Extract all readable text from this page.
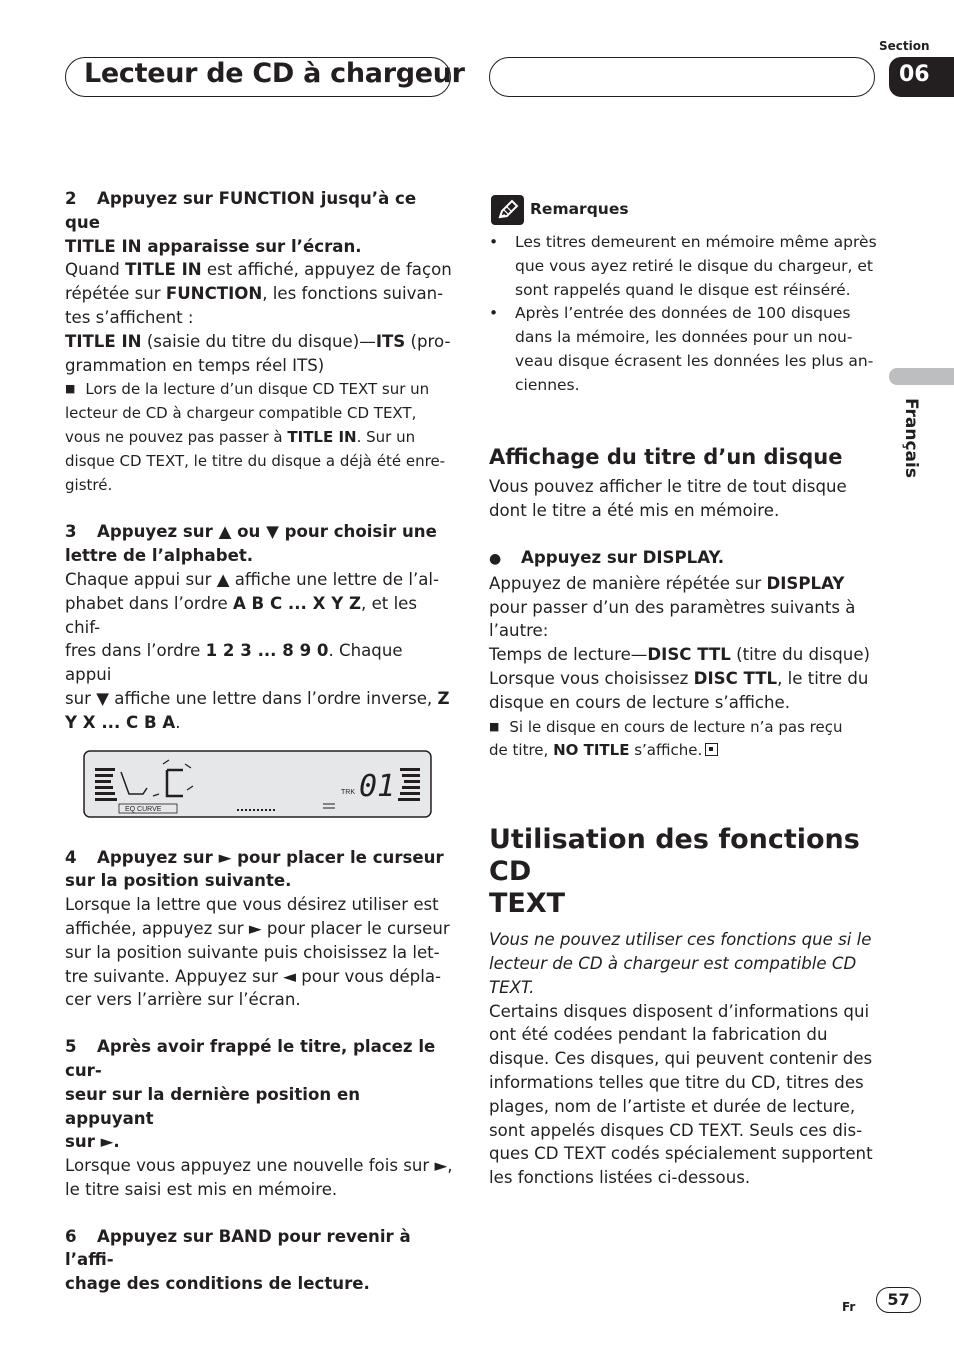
Lecteur de CD à chargeur
Section
06
Français
2 Appuyez sur FUNCTION jusqu’à ce que
TITLE IN apparaisse sur l’écran.
Quand TITLE IN est affiché, appuyez de façon
répétée sur FUNCTION, les fonctions suivan-
tes s’affichent :
TITLE IN (saisie du titre du disque)—ITS (pro-
grammation en temps réel ITS)
■ Lors de la lecture d’un disque CD TEXT sur un
lecteur de CD à chargeur compatible CD TEXT,
vous ne pouvez pas passer à TITLE IN. Sur un
disque CD TEXT, le titre du disque a déjà été enre-
gistré.
3 Appuyez sur ▲ ou ▼ pour choisir une
lettre de l’alphabet.
Chaque appui sur ▲ affiche une lettre de l’al-
phabet dans l’ordre A B C ... X Y Z, et les chif-
fres dans l’ordre 1 2 3 ... 8 9 0. Chaque appui
sur ▼ affiche une lettre dans l’ordre inverse, Z
Y X ... C B A.
TRK 01
EQ CURVE
4 Appuyez sur ► pour placer le curseur
sur la position suivante.
Lorsque la lettre que vous désirez utiliser est
affichée, appuyez sur ► pour placer le curseur
sur la position suivante puis choisissez la let-
tre suivante. Appuyez sur ◄ pour vous dépla-
cer vers l’arrière sur l’écran.
5 Après avoir frappé le titre, placez le cur-
seur sur la dernière position en appuyant
sur ►.
Lorsque vous appuyez une nouvelle fois sur ►,
le titre saisi est mis en mémoire.
6 Appuyez sur BAND pour revenir à l’affi-
chage des conditions de lecture.
Remarques
• Les titres demeurent en mémoire même après
que vous ayez retiré le disque du chargeur, et
sont rappelés quand le disque est réinséré.
• Après l’entrée des données de 100 disques
dans la mémoire, les données pour un nou-
veau disque écrasent les données les plus an-
ciennes.
Affichage du titre d’un disque
Vous pouvez afficher le titre de tout disque
dont le titre a été mis en mémoire.
● Appuyez sur DISPLAY.
Appuyez de manière répétée sur DISPLAY
pour passer d’un des paramètres suivants à
l’autre:
Temps de lecture—DISC TTL (titre du disque)
Lorsque vous choisissez DISC TTL, le titre du
disque en cours de lecture s’affiche.
■ Si le disque en cours de lecture n’a pas reçu
de titre, NO TITLE s’affiche.
Utilisation des fonctions CD
TEXT
Vous ne pouvez utiliser ces fonctions que si le
lecteur de CD à chargeur est compatible CD
TEXT.
Certains disques disposent d’informations qui
ont été codées pendant la fabrication du
disque. Ces disques, qui peuvent contenir des
informations telles que titre du CD, titres des
plages, nom de l’artiste et durée de lecture,
sont appelés disques CD TEXT. Seuls ces dis-
ques CD TEXT codés spécialement supportent
les fonctions listées ci-dessous.
Fr	57
